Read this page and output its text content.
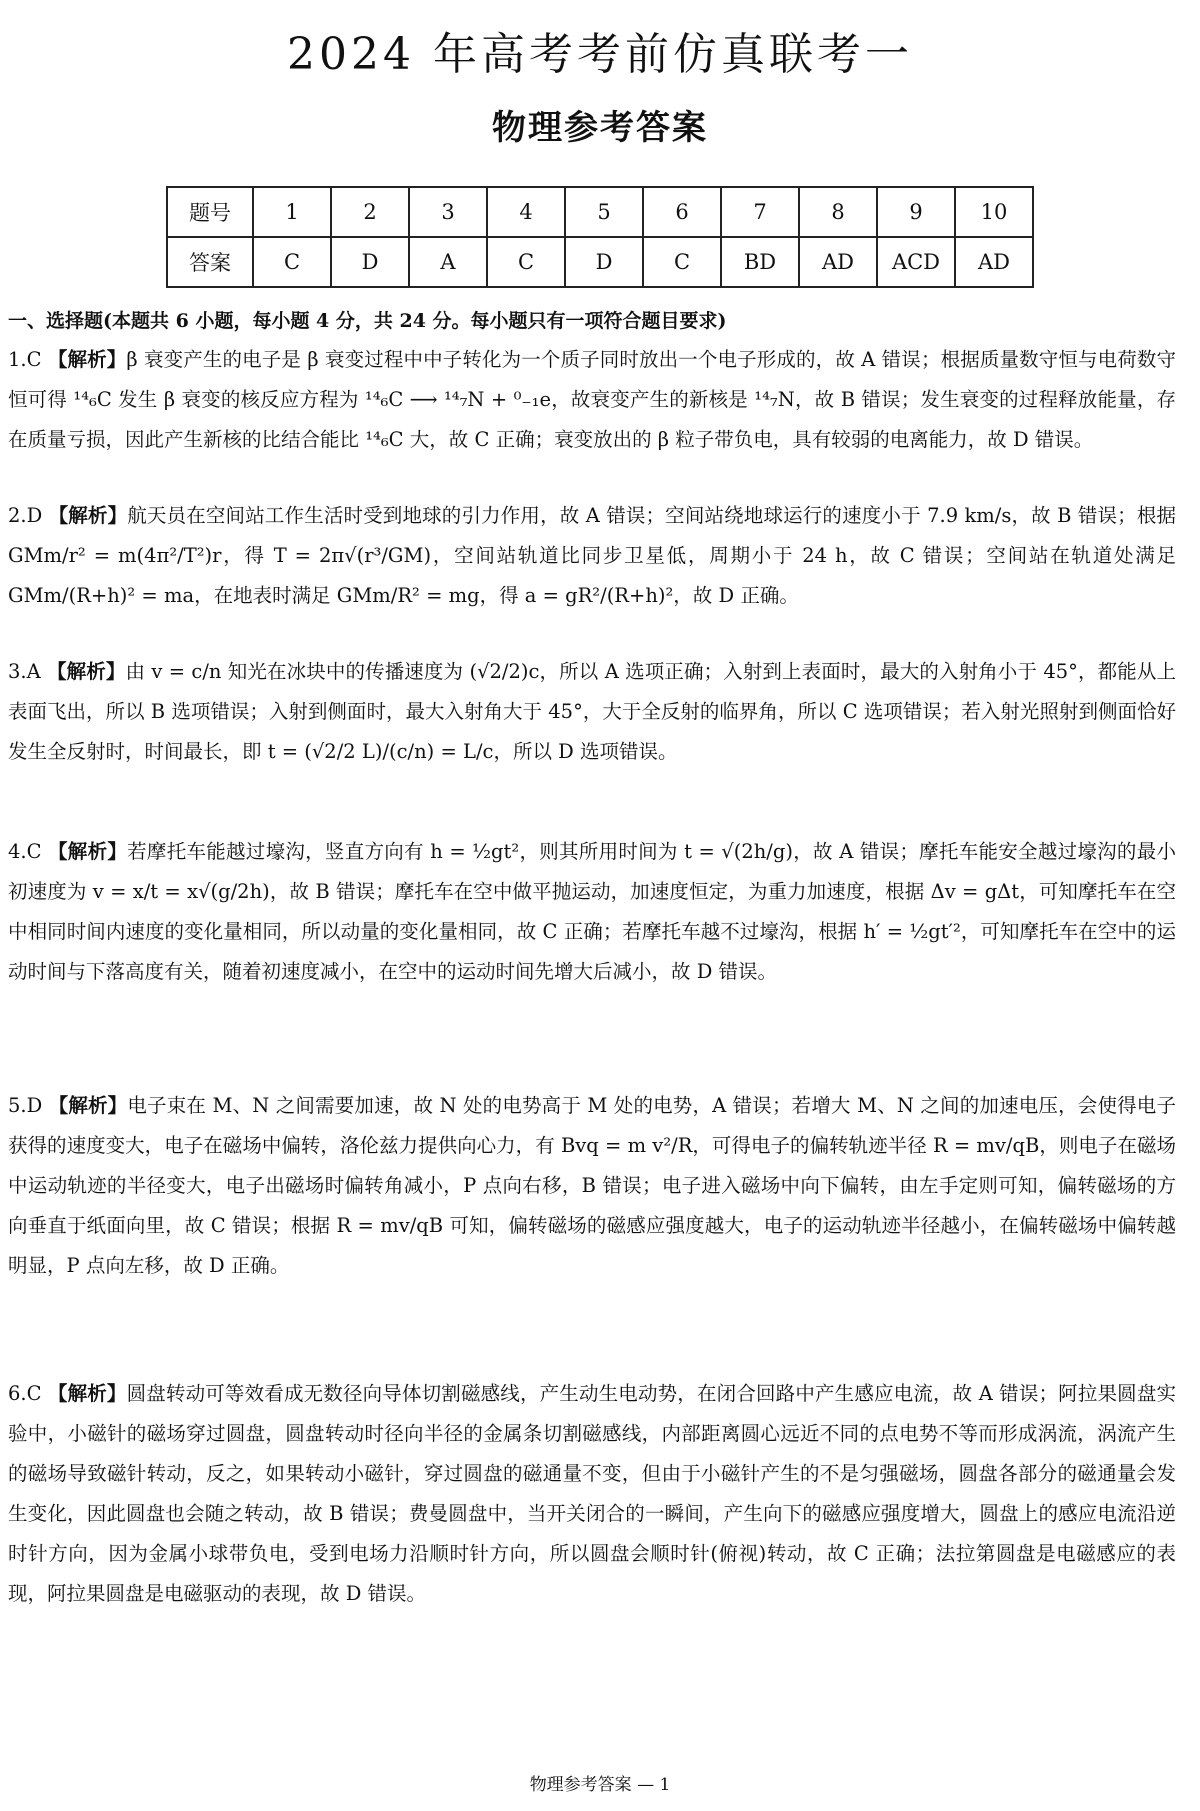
2024 年高考考前仿真联考一
物理参考答案
题号	1	2	3	4	5	6	7	8	9	10
答案	C	D	A	C	D	C	BD	AD	ACD	AD
一、选择题(本题共 6 小题，每小题 4 分，共 24 分。每小题只有一项符合题目要求)
1.C 【解析】β 衰变产生的电子是 β 衰变过程中中子转化为一个质子同时放出一个电子形成的，故 A 错误；根据质量数守恒与电荷数守恒可得 ¹⁴₆C 发生 β 衰变的核反应方程为 ¹⁴₆C ⟶ ¹⁴₇N + ⁰₋₁e，故衰变产生的新核是 ¹⁴₇N，故 B 错误；发生衰变的过程释放能量，存在质量亏损，因此产生新核的比结合能比 ¹⁴₆C 大，故 C 正确；衰变放出的 β 粒子带负电，具有较弱的电离能力，故 D 错误。
2.D 【解析】航天员在空间站工作生活时受到地球的引力作用，故 A 错误；空间站绕地球运行的速度小于 7.9 km/s，故 B 错误；根据 GMm/r² = m(4π²/T²)r，得 T = 2π√(r³/GM)，空间站轨道比同步卫星低，周期小于 24 h，故 C 错误；空间站在轨道处满足 GMm/(R+h)² = ma，在地表时满足 GMm/R² = mg，得 a = gR²/(R+h)²，故 D 正确。
3.A 【解析】由 v = c/n 知光在冰块中的传播速度为 (√2/2)c，所以 A 选项正确；入射到上表面时，最大的入射角小于 45°，都能从上表面飞出，所以 B 选项错误；入射到侧面时，最大入射角大于 45°，大于全反射的临界角，所以 C 选项错误；若入射光照射到侧面恰好发生全反射时，时间最长，即 t = (√2/2 L)/(c/n) = L/c，所以 D 选项错误。
4.C 【解析】若摩托车能越过壕沟，竖直方向有 h = ½gt²，则其所用时间为 t = √(2h/g)，故 A 错误；摩托车能安全越过壕沟的最小初速度为 v = x/t = x√(g/2h)，故 B 错误；摩托车在空中做平抛运动，加速度恒定，为重力加速度，根据 Δv = gΔt，可知摩托车在空中相同时间内速度的变化量相同，所以动量的变化量相同，故 C 正确；若摩托车越不过壕沟，根据 h′ = ½gt′²，可知摩托车在空中的运动时间与下落高度有关，随着初速度减小，在空中的运动时间先增大后减小，故 D 错误。
5.D 【解析】电子束在 M、N 之间需要加速，故 N 处的电势高于 M 处的电势，A 错误；若增大 M、N 之间的加速电压，会使得电子获得的速度变大，电子在磁场中偏转，洛伦兹力提供向心力，有 Bvq = m v²/R，可得电子的偏转轨迹半径 R = mv/qB，则电子在磁场中运动轨迹的半径变大，电子出磁场时偏转角减小，P 点向右移，B 错误；电子进入磁场中向下偏转，由左手定则可知，偏转磁场的方向垂直于纸面向里，故 C 错误；根据 R = mv/qB 可知，偏转磁场的磁感应强度越大，电子的运动轨迹半径越小，在偏转磁场中偏转越明显，P 点向左移，故 D 正确。
6.C 【解析】圆盘转动可等效看成无数径向导体切割磁感线，产生动生电动势，在闭合回路中产生感应电流，故 A 错误；阿拉果圆盘实验中，小磁针的磁场穿过圆盘，圆盘转动时径向半径的金属条切割磁感线，内部距离圆心远近不同的点电势不等而形成涡流，涡流产生的磁场导致磁针转动，反之，如果转动小磁针，穿过圆盘的磁通量不变，但由于小磁针产生的不是匀强磁场，圆盘各部分的磁通量会发生变化，因此圆盘也会随之转动，故 B 错误；费曼圆盘中，当开关闭合的一瞬间，产生向下的磁感应强度增大，圆盘上的感应电流沿逆时针方向，因为金属小球带负电，受到电场力沿顺时针方向，所以圆盘会顺时针(俯视)转动，故 C 正确；法拉第圆盘是电磁感应的表现，阿拉果圆盘是电磁驱动的表现，故 D 错误。
物理参考答案 — 1
